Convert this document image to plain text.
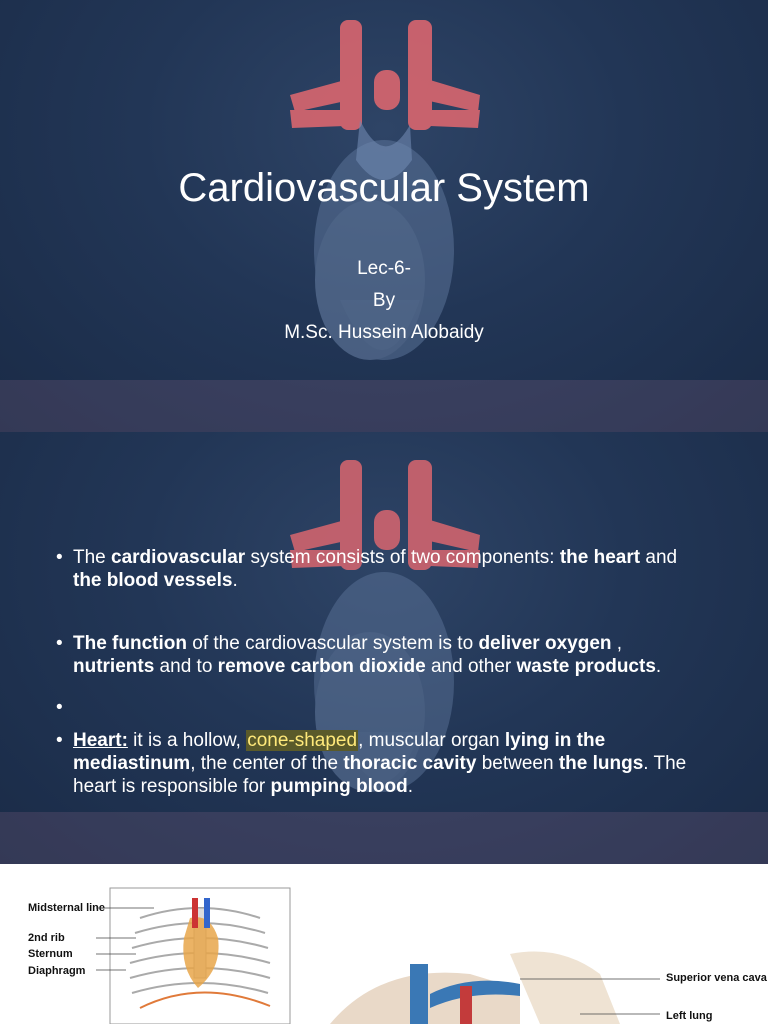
Cardiovascular System
Lec-6-
By
M.Sc. Hussein Alobaidy
• The cardiovascular system consists of two components: the heart and the blood vessels.
• The function of the cardiovascular system is to deliver oxygen , nutrients and to remove carbon dioxide and other waste products.
•

• Heart: it is a hollow, cone-shaped, muscular organ lying in the mediastinum, the center of the thoracic cavity between the lungs. The heart is responsible for pumping blood.
Midsternal line
2nd rib
Sternum
Diaphragm
Superior vena cava
Left lung
